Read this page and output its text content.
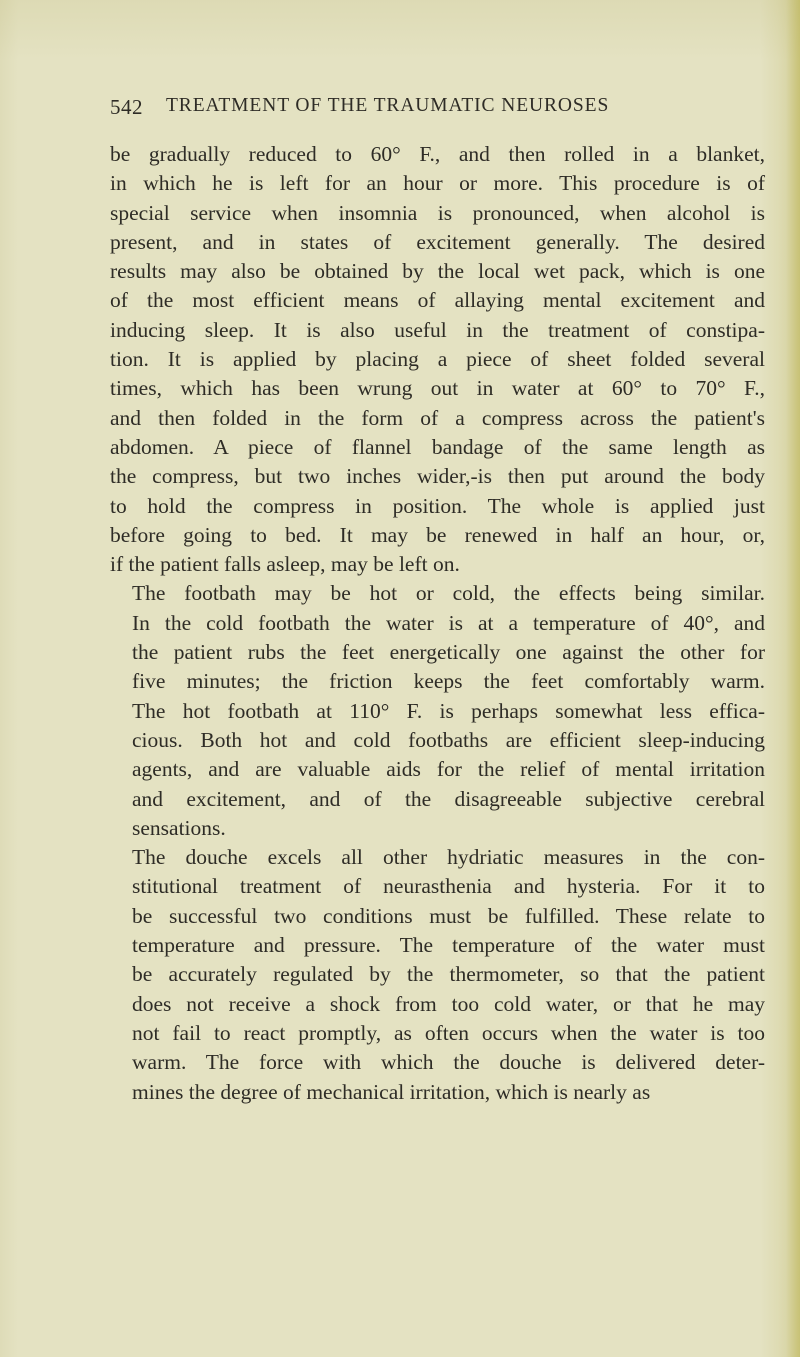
542 TREATMENT OF THE TRAUMATIC NEUROSES

be gradually reduced to 60° F., and then rolled in a blanket,
in which he is left for an hour or more. This procedure is of
special service when insomnia is pronounced, when alcohol is
present, and in states of excitement generally. The desired
results may also be obtained by the local wet pack, which is one
of the most efficient means of allaying mental excitement and
inducing sleep. It is also useful in the treatment of constipa-
tion. It is applied by placing a piece of sheet folded several
times, which has been wrung out in water at 60° to 70° F.,
and then folded in the form of a compress across the patient's
abdomen. A piece of flannel bandage of the same length as
the compress, but two inches wider,-is then put around the body
to hold the compress in position. The whole is applied just
before going to bed. It may be renewed in half an hour, or,
if the patient falls asleep, may be left on.

The footbath may be hot or cold, the effects being similar.
In the cold footbath the water is at a temperature of 40°, and
the patient rubs the feet energetically one against the other for
five minutes; the friction keeps the feet comfortably warm.
The hot footbath at 110° F. is perhaps somewhat less effica-
cious. Both hot and cold footbaths are efficient sleep-inducing
agents, and are valuable aids for the relief of mental irritation
and excitement, and of the disagreeable subjective cerebral
sensations.

The douche excels all other hydriatic measures in the con-
stitutional treatment of neurasthenia and hysteria. For it to
be successful two conditions must be fulfilled. These relate to
temperature and pressure. The temperature of the water must
be accurately regulated by the thermometer, so that the patient
does not receive a shock from too cold water, or that he may
not fail to react promptly, as often occurs when the water is too
warm. The force with which the douche is delivered deter-
mines the degree of mechanical irritation, which is nearly as
